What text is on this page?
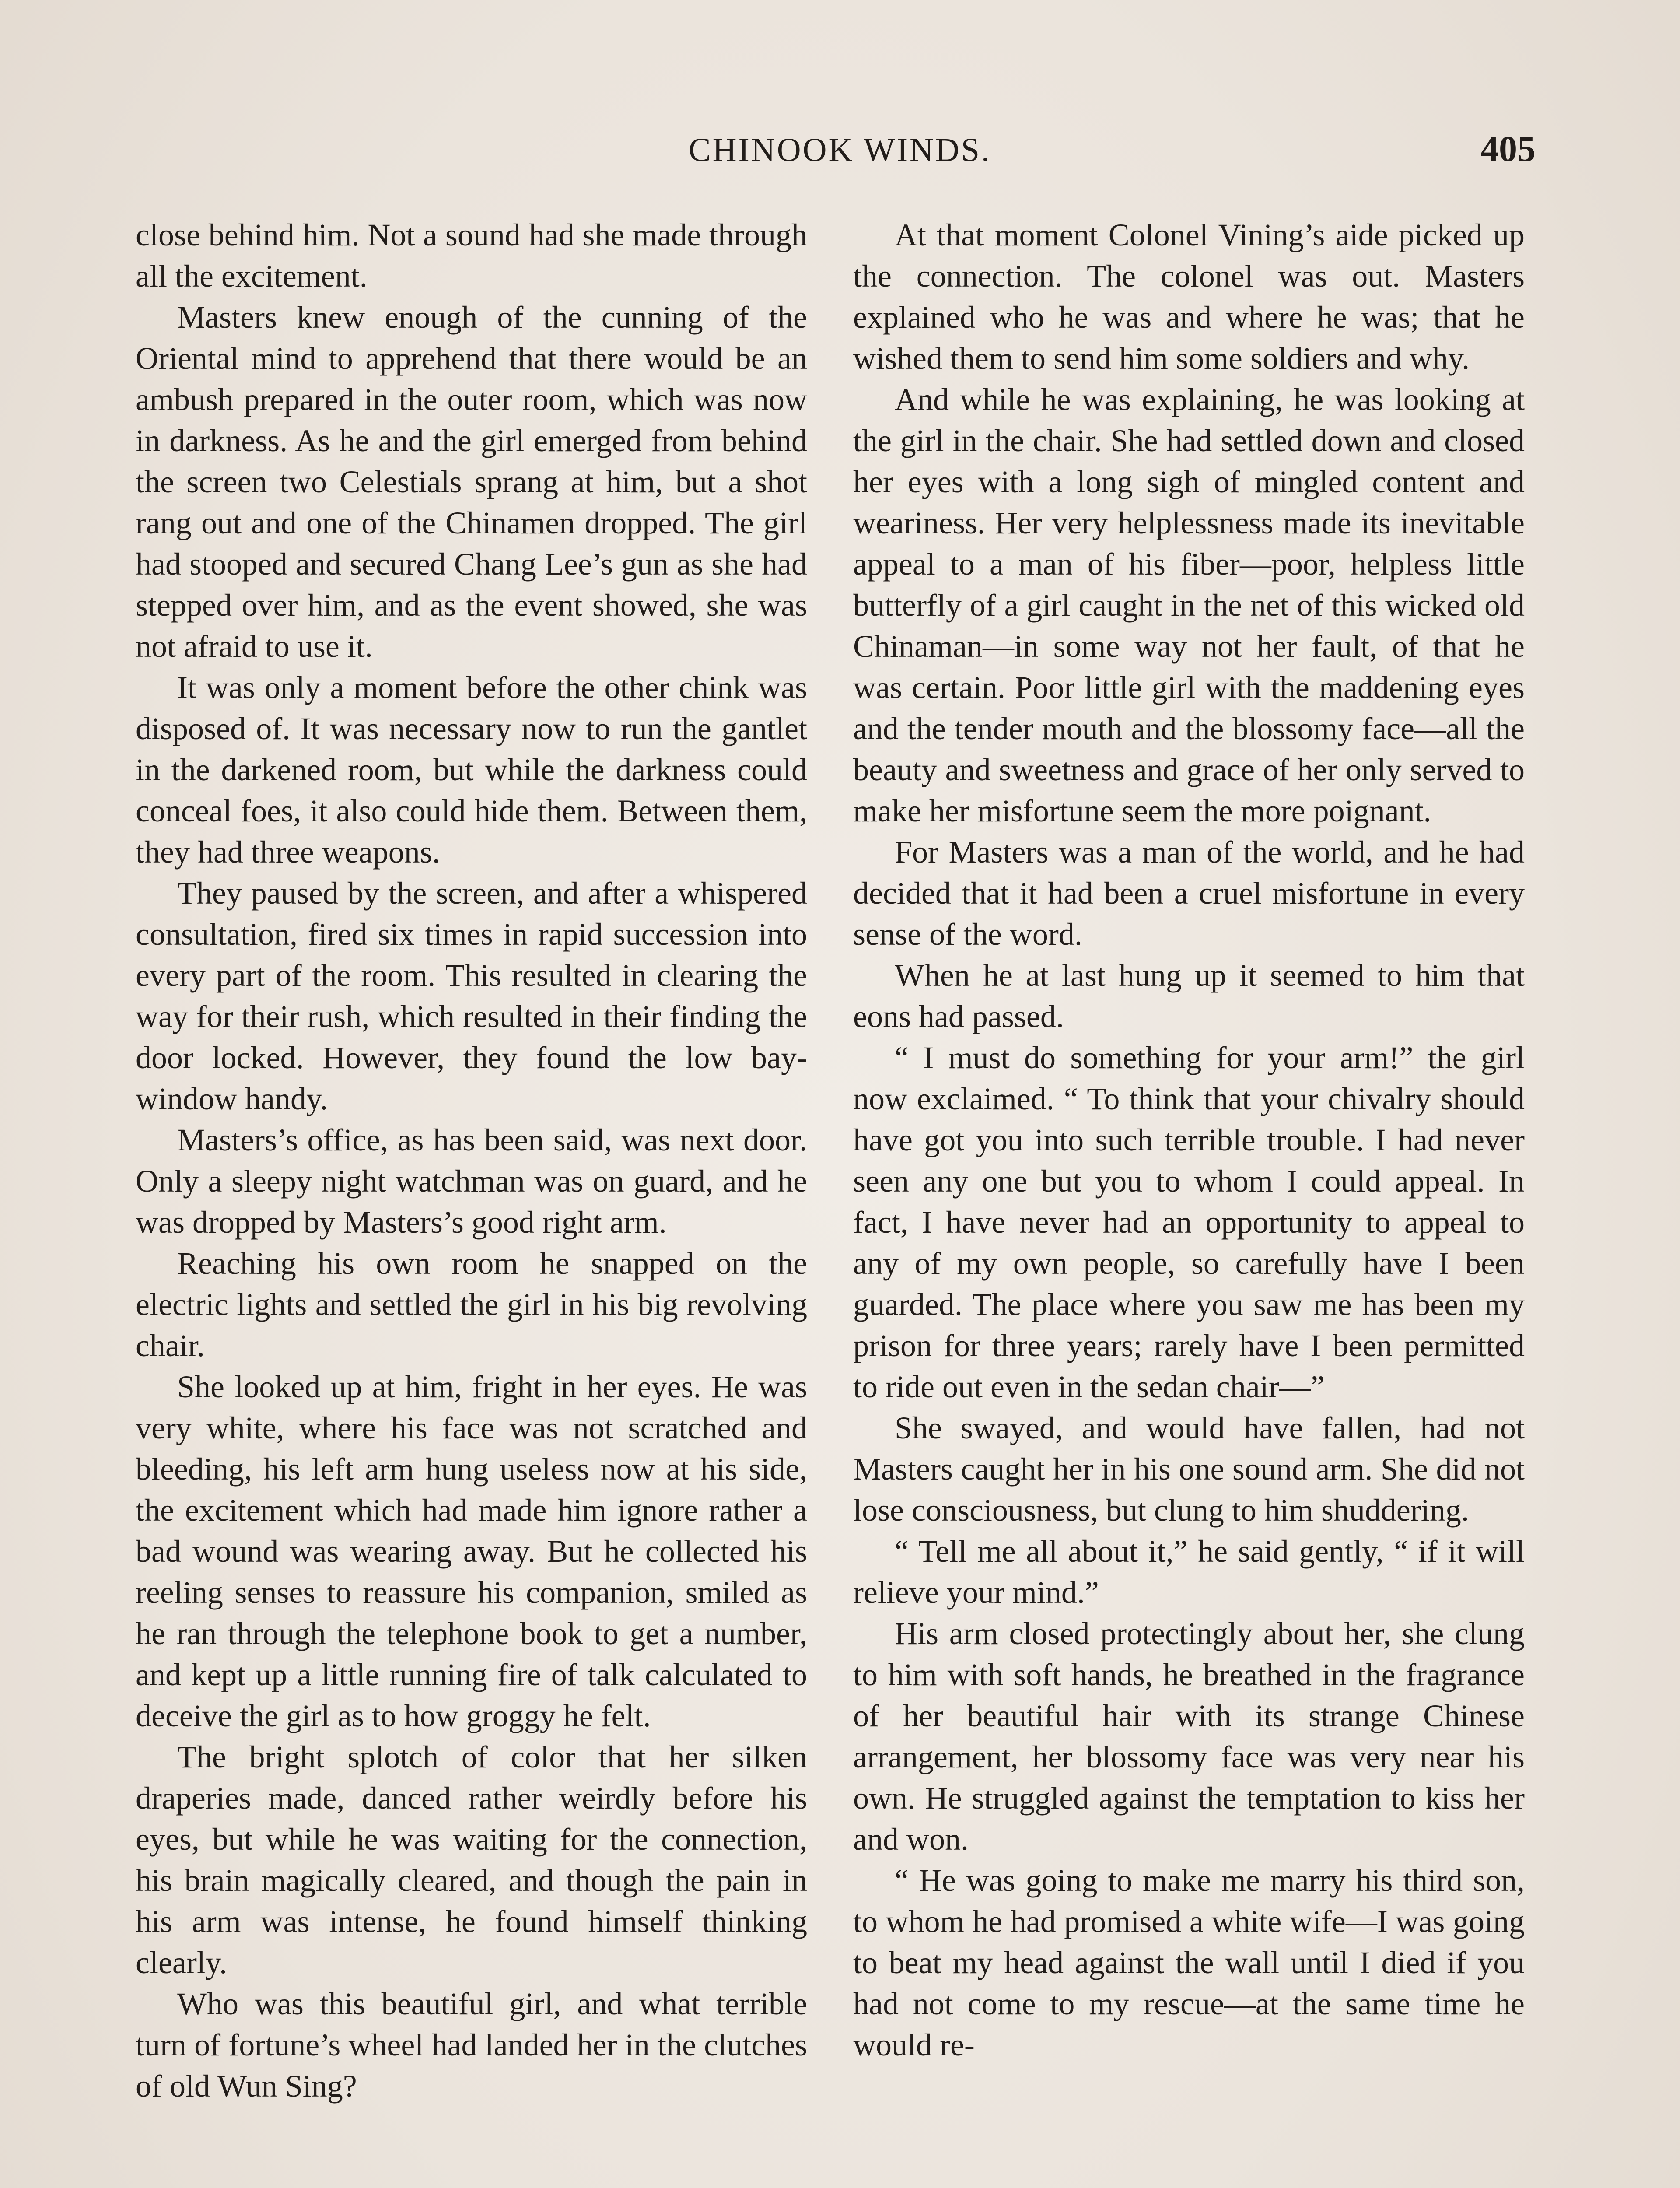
CHINOOK WINDS.	405

close behind him. Not a sound had she made through all the excitement.

Masters knew enough of the cunning of the Oriental mind to apprehend that there would be an ambush prepared in the outer room, which was now in darkness. As he and the girl emerged from behind the screen two Celestials sprang at him, but a shot rang out and one of the Chinamen dropped. The girl had stooped and secured Chang Lee’s gun as she had stepped over him, and as the event showed, she was not afraid to use it.

It was only a moment before the other chink was disposed of. It was necessary now to run the gantlet in the darkened room, but while the darkness could conceal foes, it also could hide them. Between them, they had three weapons.

They paused by the screen, and after a whispered consultation, fired six times in rapid succession into every part of the room. This resulted in clearing the way for their rush, which resulted in their finding the door locked. However, they found the low bay-window handy.

Masters’s office, as has been said, was next door. Only a sleepy night watchman was on guard, and he was dropped by Masters’s good right arm.

Reaching his own room he snapped on the electric lights and settled the girl in his big revolving chair.

She looked up at him, fright in her eyes. He was very white, where his face was not scratched and bleeding, his left arm hung useless now at his side, the excitement which had made him ignore rather a bad wound was wearing away. But he collected his reeling senses to reassure his companion, smiled as he ran through the telephone book to get a number, and kept up a little running fire of talk calculated to deceive the girl as to how groggy he felt.

The bright splotch of color that her silken draperies made, danced rather weirdly before his eyes, but while he was waiting for the connection, his brain magically cleared, and though the pain in his arm was intense, he found himself thinking clearly.

Who was this beautiful girl, and what terrible turn of fortune’s wheel had landed her in the clutches of old Wun Sing?

At that moment Colonel Vining’s aide picked up the connection. The colonel was out. Masters explained who he was and where he was; that he wished them to send him some soldiers and why.

And while he was explaining, he was looking at the girl in the chair. She had settled down and closed her eyes with a long sigh of mingled content and weariness. Her very helplessness made its inevitable appeal to a man of his fiber—poor, helpless little butterfly of a girl caught in the net of this wicked old Chinaman—in some way not her fault, of that he was certain. Poor little girl with the maddening eyes and the tender mouth and the blossomy face—all the beauty and sweetness and grace of her only served to make her misfortune seem the more poignant.

For Masters was a man of the world, and he had decided that it had been a cruel misfortune in every sense of the word.

When he at last hung up it seemed to him that eons had passed.

“ I must do something for your arm!” the girl now exclaimed. “ To think that your chivalry should have got you into such terrible trouble. I had never seen any one but you to whom I could appeal. In fact, I have never had an opportunity to appeal to any of my own people, so carefully have I been guarded. The place where you saw me has been my prison for three years; rarely have I been permitted to ride out even in the sedan chair—”

She swayed, and would have fallen, had not Masters caught her in his one sound arm. She did not lose consciousness, but clung to him shuddering.

“ Tell me all about it,” he said gently, “ if it will relieve your mind.”

His arm closed protectingly about her, she clung to him with soft hands, he breathed in the fragrance of her beautiful hair with its strange Chinese arrangement, her blossomy face was very near his own. He struggled against the temptation to kiss her and won.

“ He was going to make me marry his third son, to whom he had promised a white wife—I was going to beat my head against the wall until I died if you had not come to my rescue—at the same time he would re-
